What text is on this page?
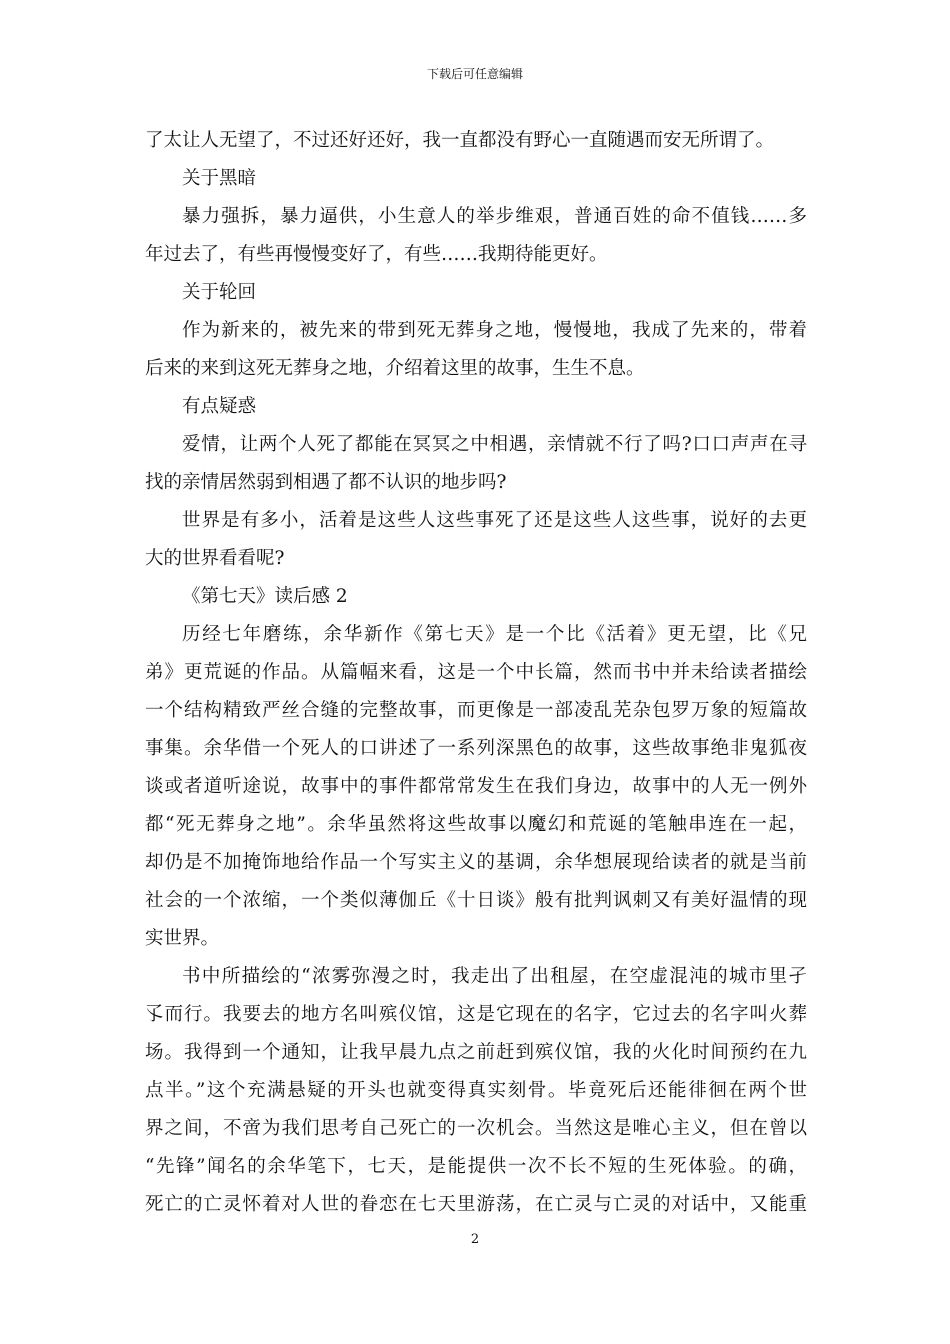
下载后可任意编辑
了太让人无望了，不过还好还好，我一直都没有野心一直随遇而安无所谓了。
关于黑暗
暴力强拆，暴力逼供，小生意人的举步维艰，普通百姓的命不值钱……多
年过去了，有些再慢慢变好了，有些……我期待能更好。
关于轮回
作为新来的，被先来的带到死无葬身之地，慢慢地，我成了先来的，带着
后来的来到这死无葬身之地，介绍着这里的故事，生生不息。
有点疑惑
爱情，让两个人死了都能在冥冥之中相遇，亲情就不行了吗?口口声声在寻
找的亲情居然弱到相遇了都不认识的地步吗?
世界是有多小，活着是这些人这些事死了还是这些人这些事，说好的去更
大的世界看看呢?
《第七天》读后感 2
历经七年磨练，余华新作《第七天》是一个比《活着》更无望，比《兄
弟》更荒诞的作品。从篇幅来看，这是一个中长篇，然而书中并未给读者描绘
一个结构精致严丝合缝的完整故事，而更像是一部凌乱芜杂包罗万象的短篇故
事集。余华借一个死人的口讲述了一系列深黑色的故事，这些故事绝非鬼狐夜
谈或者道听途说，故事中的事件都常常发生在我们身边，故事中的人无一例外
都“死无葬身之地”。余华虽然将这些故事以魔幻和荒诞的笔触串连在一起，
却仍是不加掩饰地给作品一个写实主义的基调，余华想展现给读者的就是当前
社会的一个浓缩，一个类似薄伽丘《十日谈》般有批判讽刺又有美好温情的现
实世界。
书中所描绘的“浓雾弥漫之时，我走出了出租屋，在空虚混沌的城市里孑
孓而行。我要去的地方名叫殡仪馆，这是它现在的名字，它过去的名字叫火葬
场。我得到一个通知，让我早晨九点之前赶到殡仪馆，我的火化时间预约在九
点半。”这个充满悬疑的开头也就变得真实刻骨。毕竟死后还能徘徊在两个世
界之间，不啻为我们思考自己死亡的一次机会。当然这是唯心主义，但在曾以
“先锋”闻名的余华笔下，七天，是能提供一次不长不短的生死体验。的确，
死亡的亡灵怀着对人世的眷恋在七天里游荡，在亡灵与亡灵的对话中，又能重
2
